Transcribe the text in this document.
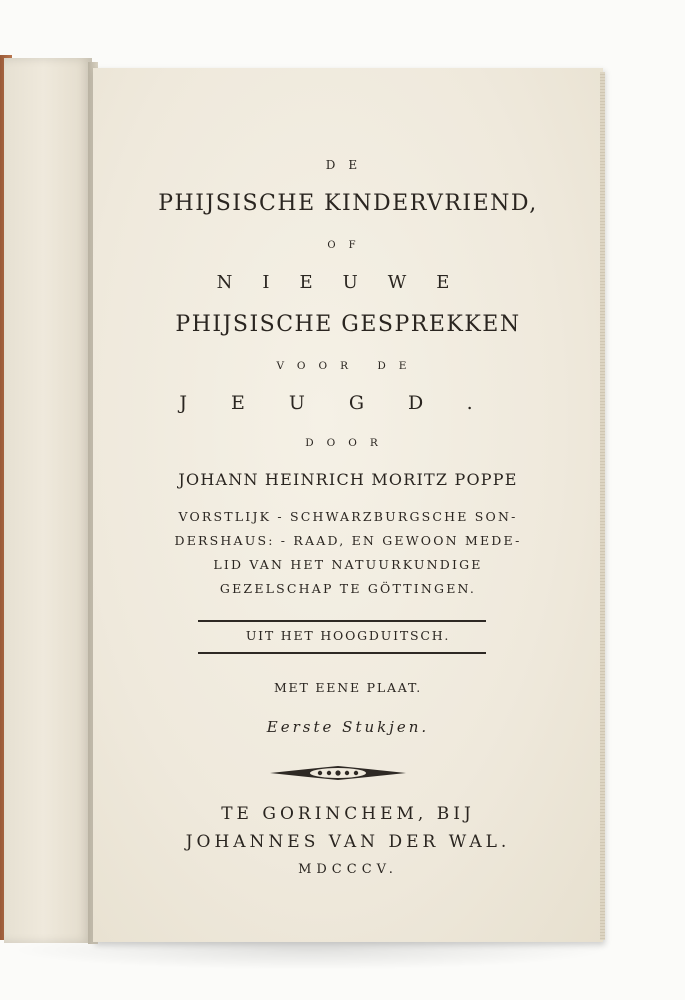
DE

PHIJSISCHE KINDERVRIEND,

OF

NIEUWE

PHIJSISCHE GESPREKKEN

VOOR DE

JEUGD.

DOOR

JOHANN HEINRICH MORITZ POPPE

VORSTLIJK - SCHWARZBURGSCHE SON-

DERSHAUS: - RAAD, EN GEWOON MEDE-

LID VAN HET NATUURKUNDIGE

GEZELSCHAP TE GÖTTINGEN.

UIT HET HOOGDUITSCH.

MET EENE PLAAT.

Eerste Stukjen.

TE GORINCHEM, BIJ

JOHANNES VAN DER WAL.

MDCCCV.
